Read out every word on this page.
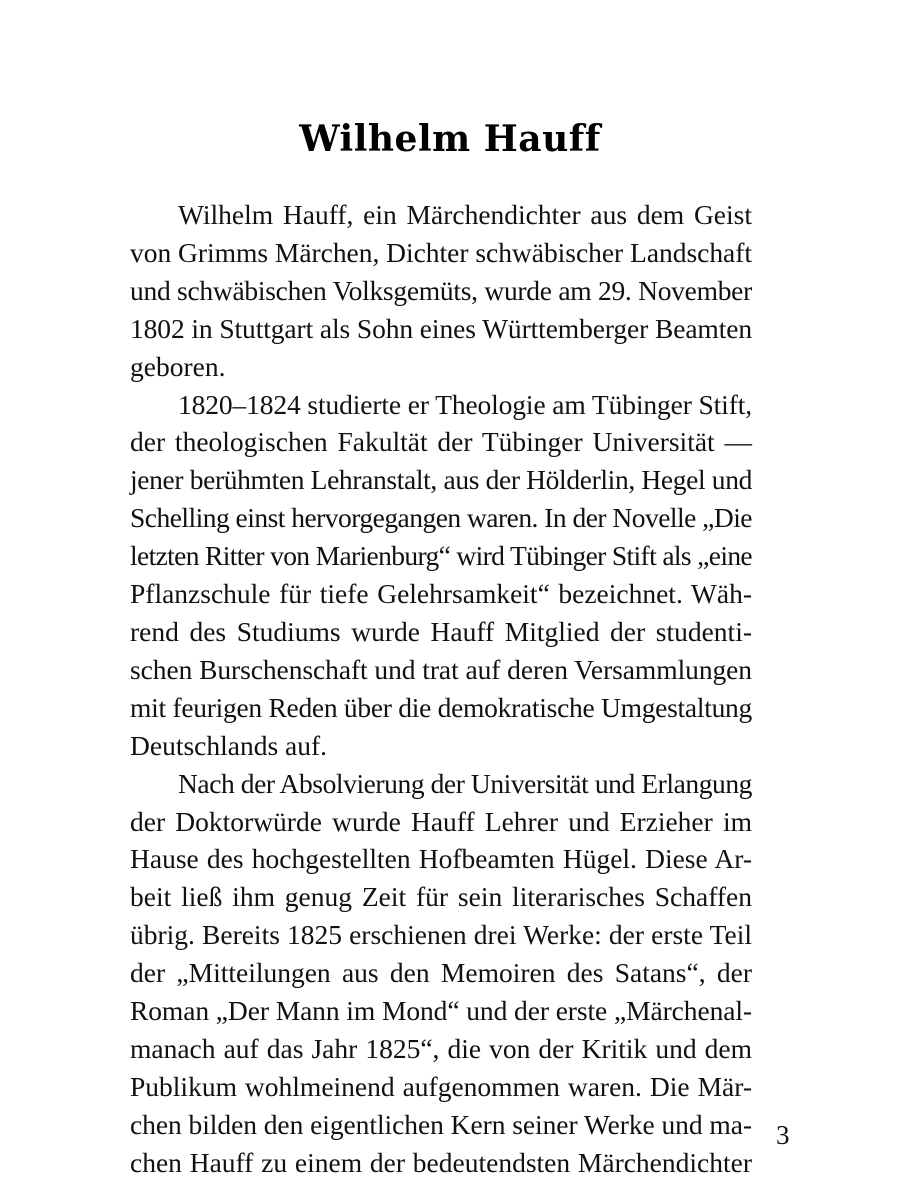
Wilhelm Hauff

Wilhelm Hauff, ein Märchendichter aus dem Geist
von Grimms Märchen, Dichter schwäbischer Landschaft
und schwäbischen Volksgemüts, wurde am 29. November
1802 in Stuttgart als Sohn eines Württemberger Beamten
geboren.

1820–1824 studierte er Theologie am Tübinger Stift,
der theologischen Fakultät der Tübinger Universität —
jener berühmten Lehranstalt, aus der Hölderlin, Hegel und
Schelling einst hervorgegangen waren. In der Novelle „Die
letzten Ritter von Marienburg“ wird Tübinger Stift als „eine
Pflanzschule für tiefe Gelehrsamkeit“ bezeichnet. Wäh-
rend des Studiums wurde Hauff Mitglied der studenti-
schen Burschenschaft und trat auf deren Versammlungen
mit feurigen Reden über die demokratische Umgestaltung
Deutschlands auf.

Nach der Absolvierung der Universität und Erlangung
der Doktorwürde wurde Hauff Lehrer und Erzieher im
Hause des hochgestellten Hofbeamten Hügel. Diese Ar-
beit ließ ihm genug Zeit für sein literarisches Schaffen
übrig. Bereits 1825 erschienen drei Werke: der erste Teil
der „Mitteilungen aus den Memoiren des Satans“, der
Roman „Der Mann im Mond“ und der erste „Märchenal-
manach auf das Jahr 1825“, die von der Kritik und dem
Publikum wohlmeinend aufgenommen waren. Die Mär-
chen bilden den eigentlichen Kern seiner Werke und ma-
chen Hauff zu einem der bedeutendsten Märchendichter

3
